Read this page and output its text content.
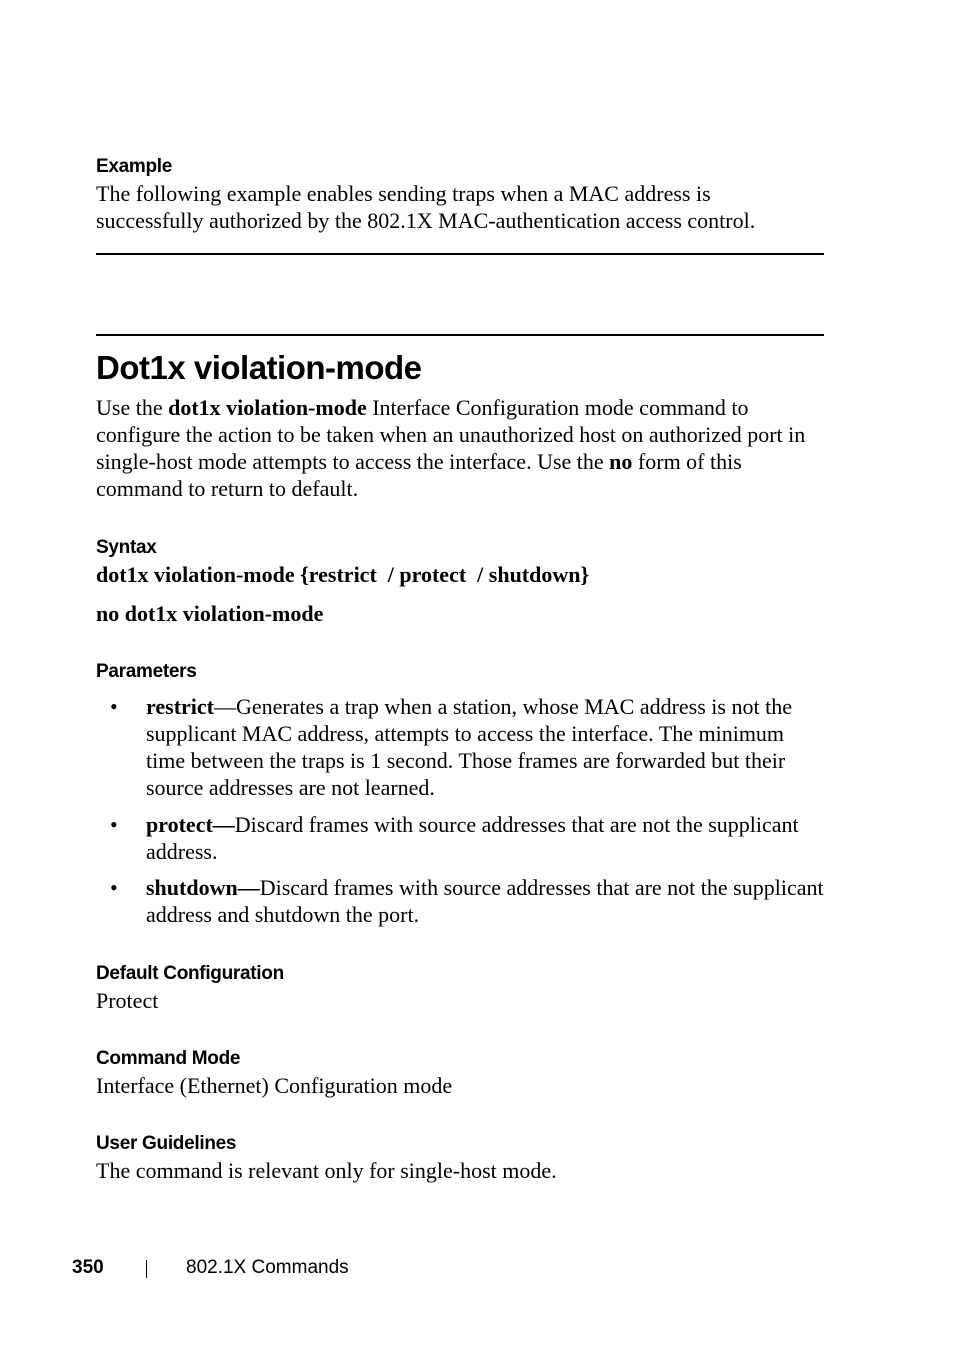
Example

The following example enables sending traps when a MAC address is

successfully authorized by the 802.1X MAC-authentication access control.

Dot1x violation-mode

Use the dot1x violation-mode Interface Configuration mode command to configure the action to be taken when an unauthorized host on authorized port in single-host mode attempts to access the interface. Use the no form of this command to return to default.

Syntax

dot1x violation-mode {restrict  / protect  / shutdown}

no dot1x violation-mode

Parameters
• restrict—Generates a trap when a station, whose MAC address is not the supplicant MAC address, attempts to access the interface. The minimum time between the traps is 1 second. Those frames are forwarded but their source addresses are not learned.
• protect—Discard frames with source addresses that are not the supplicant address.
• shutdown—Discard frames with source addresses that are not the supplicant address and shutdown the port.
Default Configuration

Protect

Command Mode

Interface (Ethernet) Configuration mode

User Guidelines

The command is relevant only for single-host mode.

350	802.1X Commands
